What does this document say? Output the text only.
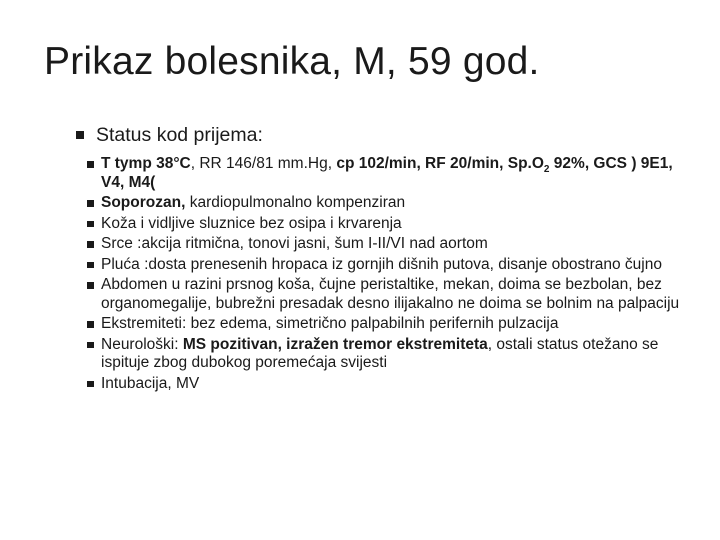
Prikaz bolesnika, M, 59 god.
Status kod prijema:
T tymp 38°C, RR 146/81 mm.Hg, cp 102/min, RF 20/min, $Sp.O_2$ 92%, GCS ) 9E1, V4, M4(
Soporozan, kardiopulmonalno kompenziran
Koža i vidljive sluznice bez osipa i krvarenja
Srce :akcija ritmična, tonovi jasni, šum I-II/VI nad aortom
Pluća :dosta prenesenih hropaca iz gornjih dišnih putova, disanje obostrano čujno
Abdomen u razini prsnog koša, čujne peristaltike, mekan, doima se bezbolan, bez organomegalije, bubrežni presadak desno ilijakalno ne doima se bolnim na palpaciju
Ekstremiteti: bez edema, simetrično palpabilnih perifernih pulzacija
Neurološki: MS pozitivan, izražen tremor ekstremiteta, ostali status otežano se ispituje zbog dubokog poremećaja svijesti
Intubacija, MV
